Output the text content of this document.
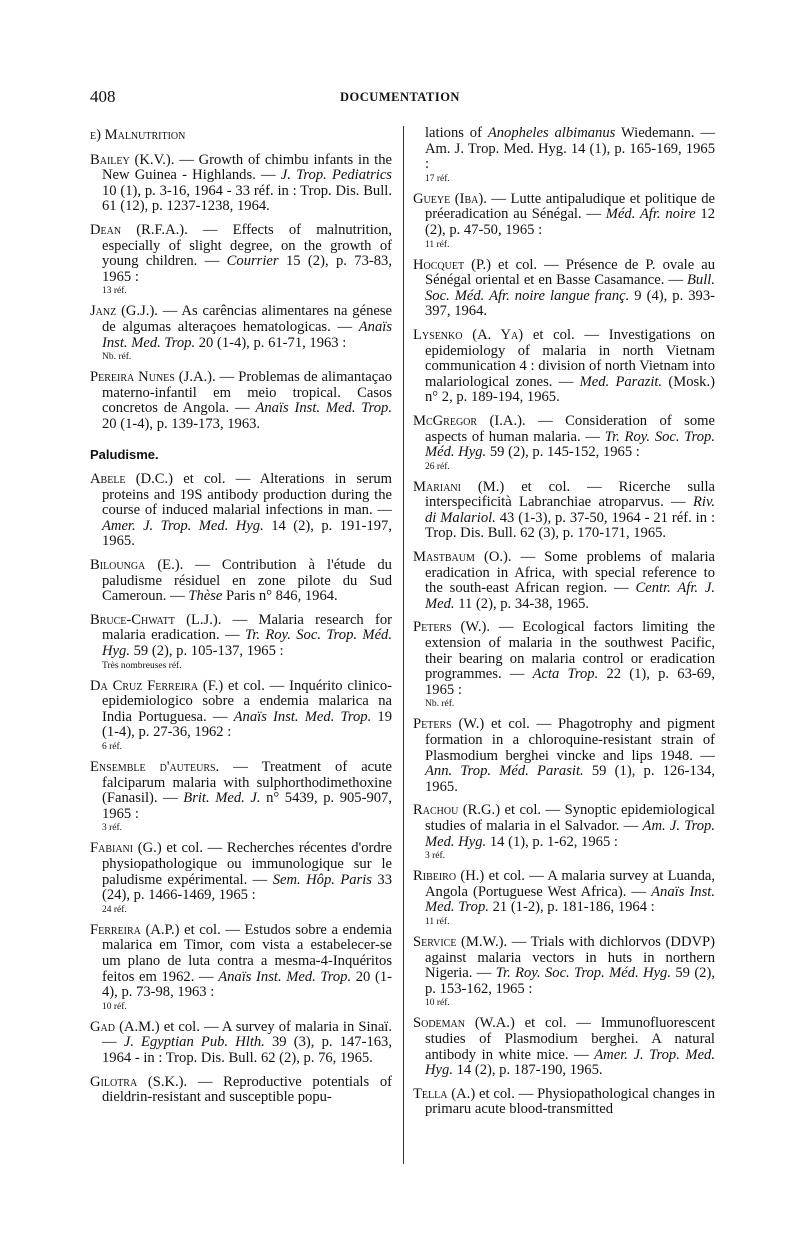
408	DOCUMENTATION
e) Malnutrition
Bailey (K.V.). — Growth of chimbu infants in the New Guinea - Highlands. — J. Trop. Pediatrics 10 (1), p. 3-16, 1964 - 33 réf. in : Trop. Dis. Bull. 61 (12), p. 1237-1238, 1964.
Dean (R.F.A.). — Effects of malnutrition, especially of slight degree, on the growth of young children. — Courrier 15 (2), p. 73-83, 1965 :
13 réf.
Janz (G.J.). — As carências alimentares na génese de algumas alteraçoes hematologicas. — Anaïs Inst. Med. Trop. 20 (1-4), p. 61-71, 1963 :
Nb. réf.
Pereira Nunes (J.A.). — Problemas de alimantaçao materno-infantil em meio tropical. Casos concretos de Angola. — Anaïs Inst. Med. Trop. 20 (1-4), p. 139-173, 1963.
Paludisme.
Abele (D.C.) et col. — Alterations in serum proteins and 19S antibody production during the course of induced malarial infections in man. — Amer. J. Trop. Med. Hyg. 14 (2), p. 191-197, 1965.
Bilounga (E.). — Contribution à l'étude du paludisme résiduel en zone pilote du Sud Cameroun. — Thèse Paris n° 846, 1964.
Bruce-Chwatt (L.J.). — Malaria research for malaria eradication. — Tr. Roy. Soc. Trop. Méd. Hyg. 59 (2), p. 105-137, 1965 :
Très nombreuses réf.
Da Cruz Ferreira (F.) et col. — Inquérito clinico-epidemiologico sobre a endemia malarica na India Portuguesa. — Anaïs Inst. Med. Trop. 19 (1-4), p. 27-36, 1962 :
6 réf.
Ensemble d'auteurs. — Treatment of acute falciparum malaria with sulphorthodimethoxine (Fanasil). — Brit. Med. J. n° 5439, p. 905-907, 1965 :
3 réf.
Fabiani (G.) et col. — Recherches récentes d'ordre physiopathologique ou immunologique sur le paludisme expérimental. — Sem. Hôp. Paris 33 (24), p. 1466-1469, 1965 :
24 réf.
Ferreira (A.P.) et col. — Estudos sobre a endemia malarica em Timor, com vista a estabelecer-se um plano de luta contra a mesma-4-Inquéritos feitos em 1962. — Anaïs Inst. Med. Trop. 20 (1-4), p. 73-98, 1963 :
10 réf.
Gad (A.M.) et col. — A survey of malaria in Sinaï. — J. Egyptian Pub. Hlth. 39 (3), p. 147-163, 1964 - in : Trop. Dis. Bull. 62 (2), p. 76, 1965.
Gilotra (S.K.). — Reproductive potentials of dieldrin-resistant and susceptible popu-
lations of Anopheles albimanus Wiedemann. — Am. J. Trop. Med. Hyg. 14 (1), p. 165-169, 1965 :
17 réf.
Gueye (Iba). — Lutte antipaludique et politique de préeradication au Sénégal. — Méd. Afr. noire 12 (2), p. 47-50, 1965 :
11 réf.
Hocquet (P.) et col. — Présence de P. ovale au Sénégal oriental et en Basse Casamance. — Bull. Soc. Méd. Afr. noire langue franç. 9 (4), p. 393-397, 1964.
Lysenko (A. Ya) et col. — Investigations on epidemiology of malaria in north Vietnam communication 4 : division of north Vietnam into malariological zones. — Med. Parazit. (Mosk.) n° 2, p. 189-194, 1965.
McGregor (I.A.). — Consideration of some aspects of human malaria. — Tr. Roy. Soc. Trop. Méd. Hyg. 59 (2), p. 145-152, 1965 :
26 réf.
Mariani (M.) et col. — Ricerche sulla interspecificità Labranchiae atroparvus. — Riv. di Malariol. 43 (1-3), p. 37-50, 1964 - 21 réf. in : Trop. Dis. Bull. 62 (3), p. 170-171, 1965.
Mastbaum (O.). — Some problems of malaria eradication in Africa, with special reference to the south-east African region. — Centr. Afr. J. Med. 11 (2), p. 34-38, 1965.
Peters (W.). — Ecological factors limiting the extension of malaria in the southwest Pacific, their bearing on malaria control or eradication programmes. — Acta Trop. 22 (1), p. 63-69, 1965 :
Nb. réf.
Peters (W.) et col. — Phagotrophy and pigment formation in a chloroquine-resistant strain of Plasmodium berghei vincke and lips 1948. — Ann. Trop. Méd. Parasit. 59 (1), p. 126-134, 1965.
Rachou (R.G.) et col. — Synoptic epidemiological studies of malaria in el Salvador. — Am. J. Trop. Med. Hyg. 14 (1), p. 1-62, 1965 :
3 réf.
Ribeiro (H.) et col. — A malaria survey at Luanda, Angola (Portuguese West Africa). — Anaïs Inst. Med. Trop. 21 (1-2), p. 181-186, 1964 :
11 réf.
Service (M.W.). — Trials with dichlorvos (DDVP) against malaria vectors in huts in northern Nigeria. — Tr. Roy. Soc. Trop. Méd. Hyg. 59 (2), p. 153-162, 1965 :
10 réf.
Sodeman (W.A.) et col. — Immunofluorescent studies of Plasmodium berghei. A natural antibody in white mice. — Amer. J. Trop. Med. Hyg. 14 (2), p. 187-190, 1965.
Tella (A.) et col. — Physiopathological changes in primaru acute blood-transmitted
